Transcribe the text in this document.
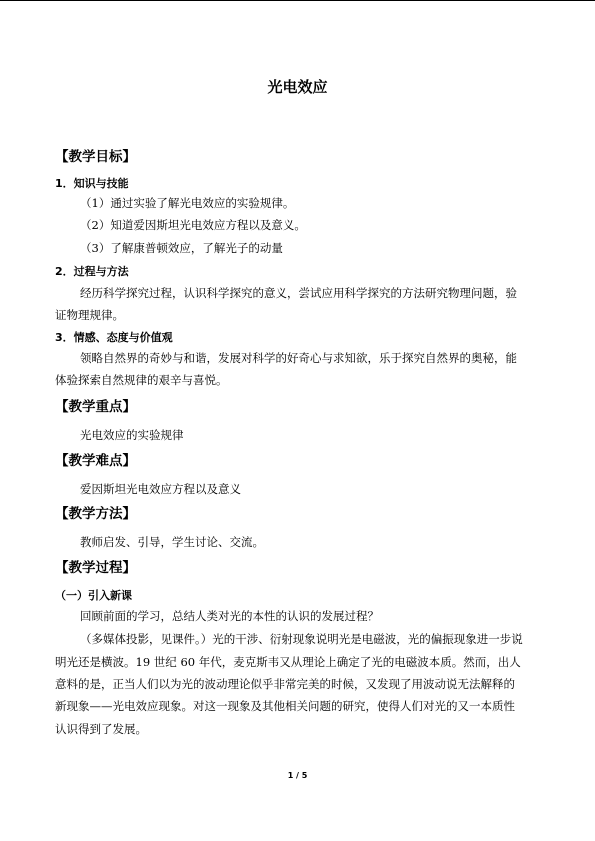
光电效应
【教学目标】
1．知识与技能
（1）通过实验了解光电效应的实验规律。
（2）知道爱因斯坦光电效应方程以及意义。
（3）了解康普顿效应，了解光子的动量
2．过程与方法
经历科学探究过程，认识科学探究的意义，尝试应用科学探究的方法研究物理问题，验
证物理规律。
3．情感、态度与价值观
领略自然界的奇妙与和谐，发展对科学的好奇心与求知欲，乐于探究自然界的奥秘，能
体验探索自然规律的艰辛与喜悦。
【教学重点】
光电效应的实验规律
【教学难点】
爱因斯坦光电效应方程以及意义
【教学方法】
教师启发、引导，学生讨论、交流。
【教学过程】
（一）引入新课
回顾前面的学习，总结人类对光的本性的认识的发展过程？
（多媒体投影，见课件。）光的干涉、衍射现象说明光是电磁波，光的偏振现象进一步说
明光还是横波。19 世纪 60 年代，麦克斯韦又从理论上确定了光的电磁波本质。然而，出人
意料的是，正当人们以为光的波动理论似乎非常完美的时候，又发现了用波动说无法解释的
新现象——光电效应现象。对这一现象及其他相关问题的研究，使得人们对光的又一本质性
认识得到了发展。
1 / 5
